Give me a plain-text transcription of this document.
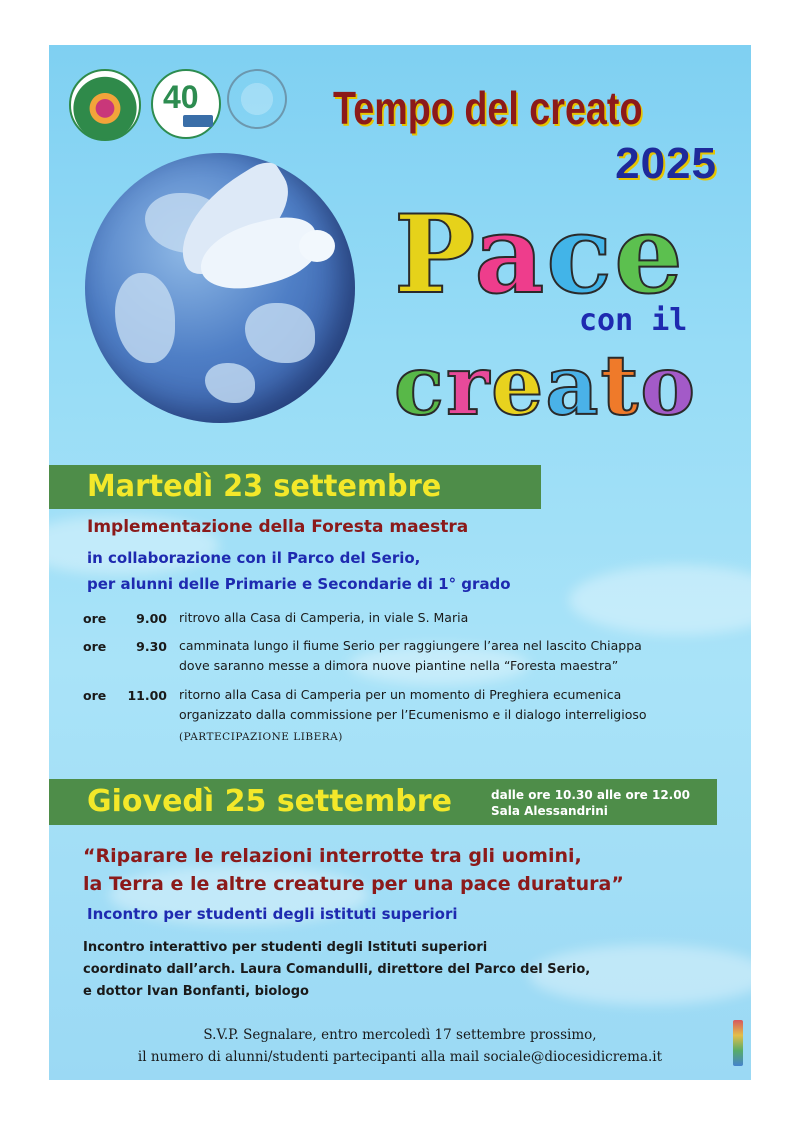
40	Tempo del creato
2025
Pace
con il
creato
Martedì 23 settembre
Implementazione della Foresta maestra
in collaborazione con il Parco del Serio,
per alunni delle Primarie e Secondarie di 1° grado
ore	9.00 ritrovo alla Casa di Camperia, in viale S. Maria
ore	9.30 camminata lungo il fiume Serio per raggiungere l’area nel lascito Chiappa
dove saranno messe a dimora nuove piantine nella “Foresta maestra”
ore	11.00 ritorno alla Casa di Camperia per un momento di Preghiera ecumenica
organizzato dalla commissione per l’Ecumenismo e il dialogo interreligioso
(PARTECIPAZIONE LIBERA)
Giovedì 25 settembre	dalle ore 10.30 alle ore 12.00
Sala Alessandrini
“Riparare le relazioni interrotte tra gli uomini,
la Terra e le altre creature per una pace duratura”
Incontro per studenti degli istituti superiori
Incontro interattivo per studenti degli Istituti superiori
coordinato dall’arch. Laura Comandulli, direttore del Parco del Serio,
e dottor Ivan Bonfanti, biologo
S.V.P. Segnalare, entro mercoledì 17 settembre prossimo,
il numero di alunni/studenti partecipanti alla mail sociale@diocesidicrema.it
